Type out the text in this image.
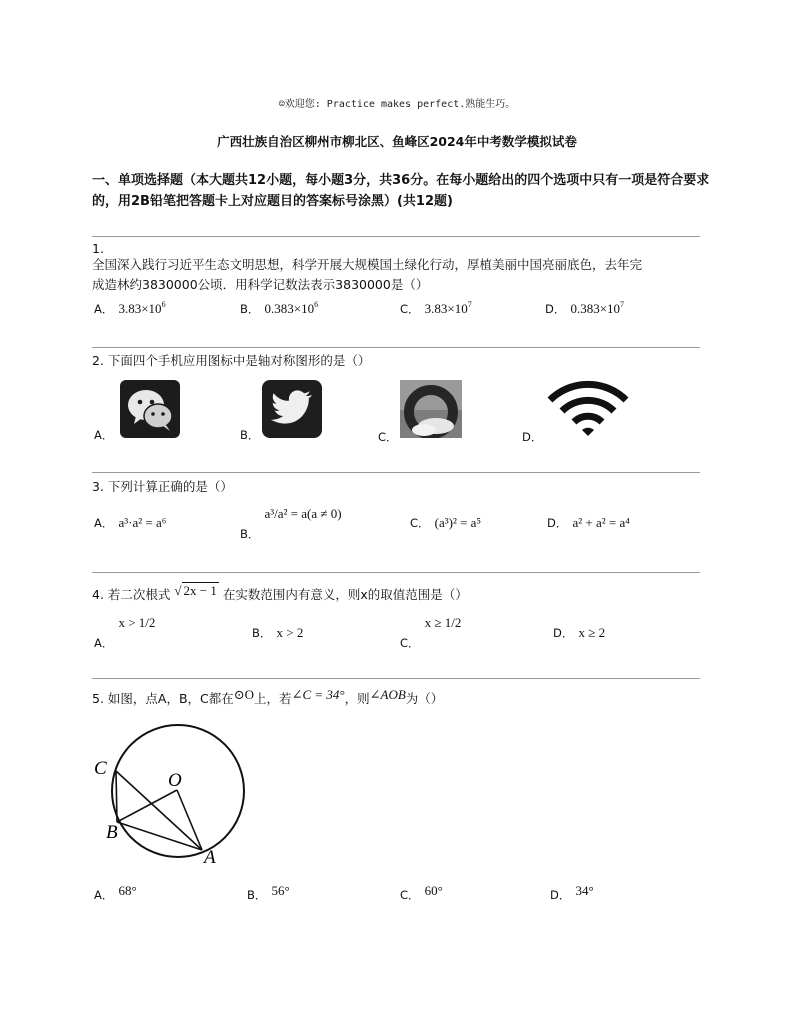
☺欢迎您: Practice makes perfect.熟能生巧。
广西壮族自治区柳州市柳北区、鱼峰区2024年中考数学模拟试卷
一、单项选择题（本大题共12小题，每小题3分，共36分。在每小题给出的四个选项中只有一项是符合要求的，用2B铅笔把答题卡上对应题目的答案标号涂黑）(共12题)
1.
全国深入践行习近平生态文明思想，科学开展大规模国土绿化行动，厚植美丽中国亮丽底色，去年完
成造林约3830000公顷．用科学记数法表示3830000是（）
A． $3.83\times 10^6$	B． $0.383\times 10^6$	C． $3.83\times 10^7$	D． $0.383\times 10^7$
2. 下面四个手机应用图标中是轴对称图形的是（）
A．	B．	C．	D．
3. 下列计算正确的是（）
A． a³·a² = a⁶
$_{B.}$ a³/a² = a(a ≠ 0)
C． (a³)² = a⁵	D． a² + a² = a⁴
4. 若二次根式 √ 2x − 1 在实数范围内有意义，则x的取值范围是（）
$_{A.}$ x > 1/2
B． x > 2
$_{C.}$ x ≥ 1/2
D． x ≥ 2
5. 如图，点A，B，C都在⊙O上，若∠C = 34°，则∠AOB为（）
C
O
B
A
A． $^{68^\circ}$	B． $^{56^\circ}$	C． $^{60^\circ}$	D． $^{34^\circ}$
